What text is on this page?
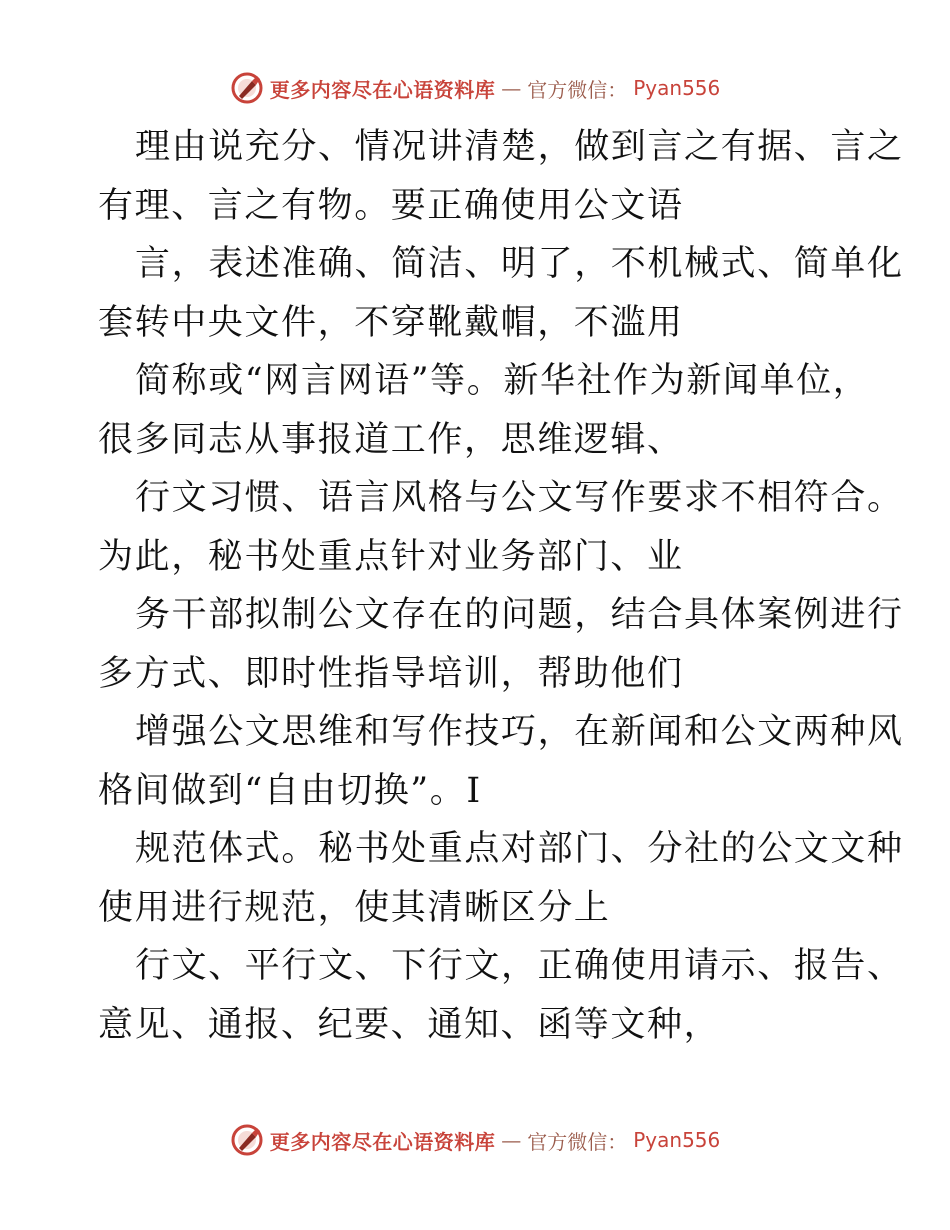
更多内容尽在心语资料库 — 官方微信： Pyan556
理由说充分、情况讲清楚，做到言之有据、言之
有理、言之有物。要正确使用公文语
言，表述准确、简洁、明了，不机械式、简单化
套转中央文件，不穿靴戴帽，不滥用
简称或“网言网语”等。新华社作为新闻单位，
很多同志从事报道工作，思维逻辑、
行文习惯、语言风格与公文写作要求不相符合。
为此，秘书处重点针对业务部门、业
务干部拟制公文存在的问题，结合具体案例进行
多方式、即时性指导培训，帮助他们
增强公文思维和写作技巧，在新闻和公文两种风
格间做到“自由切换”。I
规范体式。秘书处重点对部门、分社的公文文种
使用进行规范，使其清晰区分上
行文、平行文、下行文，正确使用请示、报告、
意见、通报、纪要、通知、函等文种，
更多内容尽在心语资料库 — 官方微信： Pyan556
